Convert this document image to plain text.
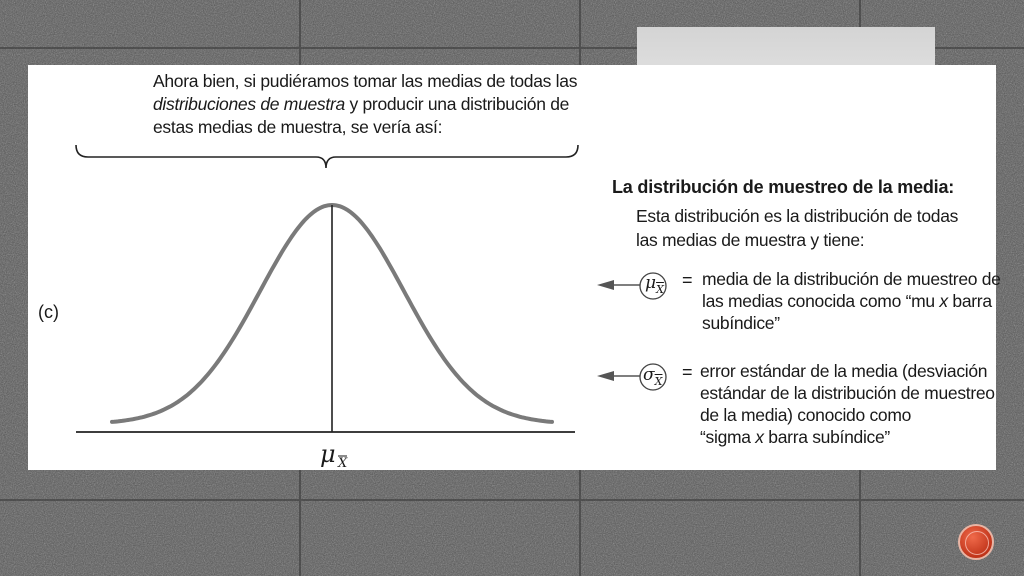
Ahora bien, si pudiéramos tomar las medias de todas las
distribuciones de muestra y producir una distribución de
estas medias de muestra, se vería así:
(c)
La distribución de muestreo de la media:
Esta distribución es la distribución de todas
las medias de muestra y tiene:
$\mu_{\overline{X}}$ = media de la distribución de muestreo de
las medias conocida como “mu x barra
subíndice”
$\sigma_{\overline{X}}$ = error estándar de la media (desviación
estándar de la distribución de muestreo
de la media) conocido como
“sigma x barra subíndice”
μ X
